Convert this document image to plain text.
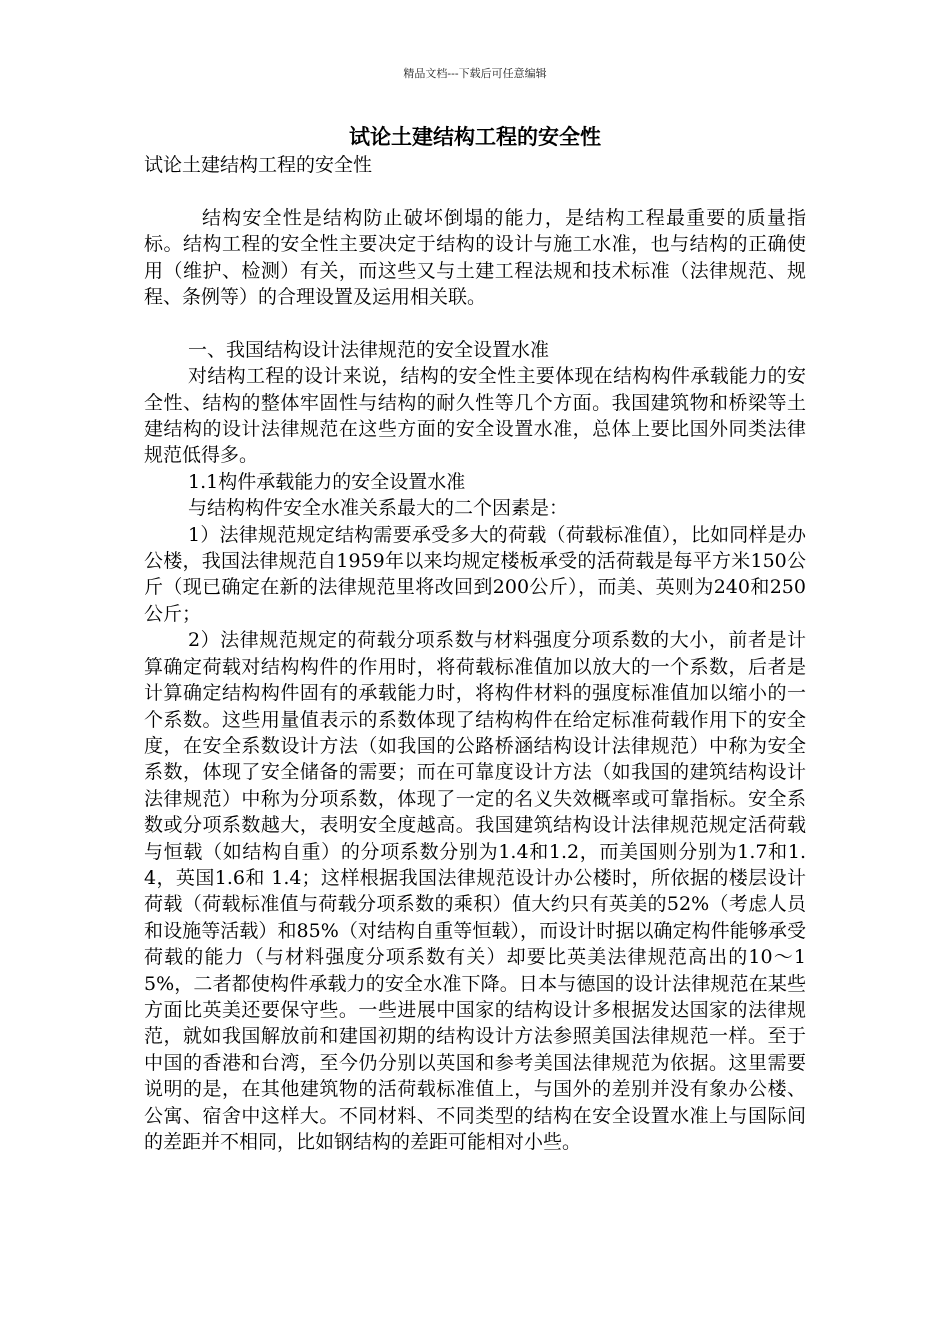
精品文档---下载后可任意编辑
试论土建结构工程的安全性

试论土建结构工程的安全性

结构安全性是结构防止破坏倒塌的能力，是结构工程最重要的质量指标。结构工程的安全性主要决定于结构的设计与施工水准，也与结构的正确使用（维护、检测）有关，而这些又与土建工程法规和技术标准（法律规范、规程、条例等）的合理设置及运用相关联。

一、我国结构设计法律规范的安全设置水准

对结构工程的设计来说，结构的安全性主要体现在结构构件承载能力的安全性、结构的整体牢固性与结构的耐久性等几个方面。我国建筑物和桥梁等土建结构的设计法律规范在这些方面的安全设置水准，总体上要比国外同类法律规范低得多。

1.1构件承载能力的安全设置水准

与结构构件安全水准关系最大的二个因素是：

1）法律规范规定结构需要承受多大的荷载（荷载标准值），比如同样是办公楼，我国法律规范自1959年以来均规定楼板承受的活荷载是每平方米150公斤（现已确定在新的法律规范里将改回到200公斤），而美、英则为240和250公斤；

2）法律规范规定的荷载分项系数与材料强度分项系数的大小，前者是计算确定荷载对结构构件的作用时，将荷载标准值加以放大的一个系数，后者是计算确定结构构件固有的承载能力时，将构件材料的强度标准值加以缩小的一个系数。这些用量值表示的系数体现了结构构件在给定标准荷载作用下的安全度，在安全系数设计方法（如我国的公路桥涵结构设计法律规范）中称为安全系数，体现了安全储备的需要；而在可靠度设计方法（如我国的建筑结构设计法律规范）中称为分项系数，体现了一定的名义失效概率或可靠指标。安全系数或分项系数越大，表明安全度越高。我国建筑结构设计法律规范规定活荷载与恒载（如结构自重）的分项系数分别为1.4和1.2，而美国则分别为1.7和1.4，英国1.6和 1.4；这样根据我国法律规范设计办公楼时，所依据的楼层设计荷载（荷载标准值与荷载分项系数的乘积）值大约只有英美的52%（考虑人员和设施等活载）和85%（对结构自重等恒载），而设计时据以确定构件能够承受荷载的能力（与材料强度分项系数有关）却要比英美法律规范高出的10～15%，二者都使构件承载力的安全水准下降。日本与德国的设计法律规范在某些方面比英美还要保守些。一些进展中国家的结构设计多根据发达国家的法律规范，就如我国解放前和建国初期的结构设计方法参照美国法律规范一样。至于中国的香港和台湾，至今仍分别以英国和参考美国法律规范为依据。这里需要说明的是，在其他建筑物的活荷载标准值上，与国外的差别并没有象办公楼、公寓、宿舍中这样大。不同材料、不同类型的结构在安全设置水准上与国际间的差距并不相同，比如钢结构的差距可能相对小些。
